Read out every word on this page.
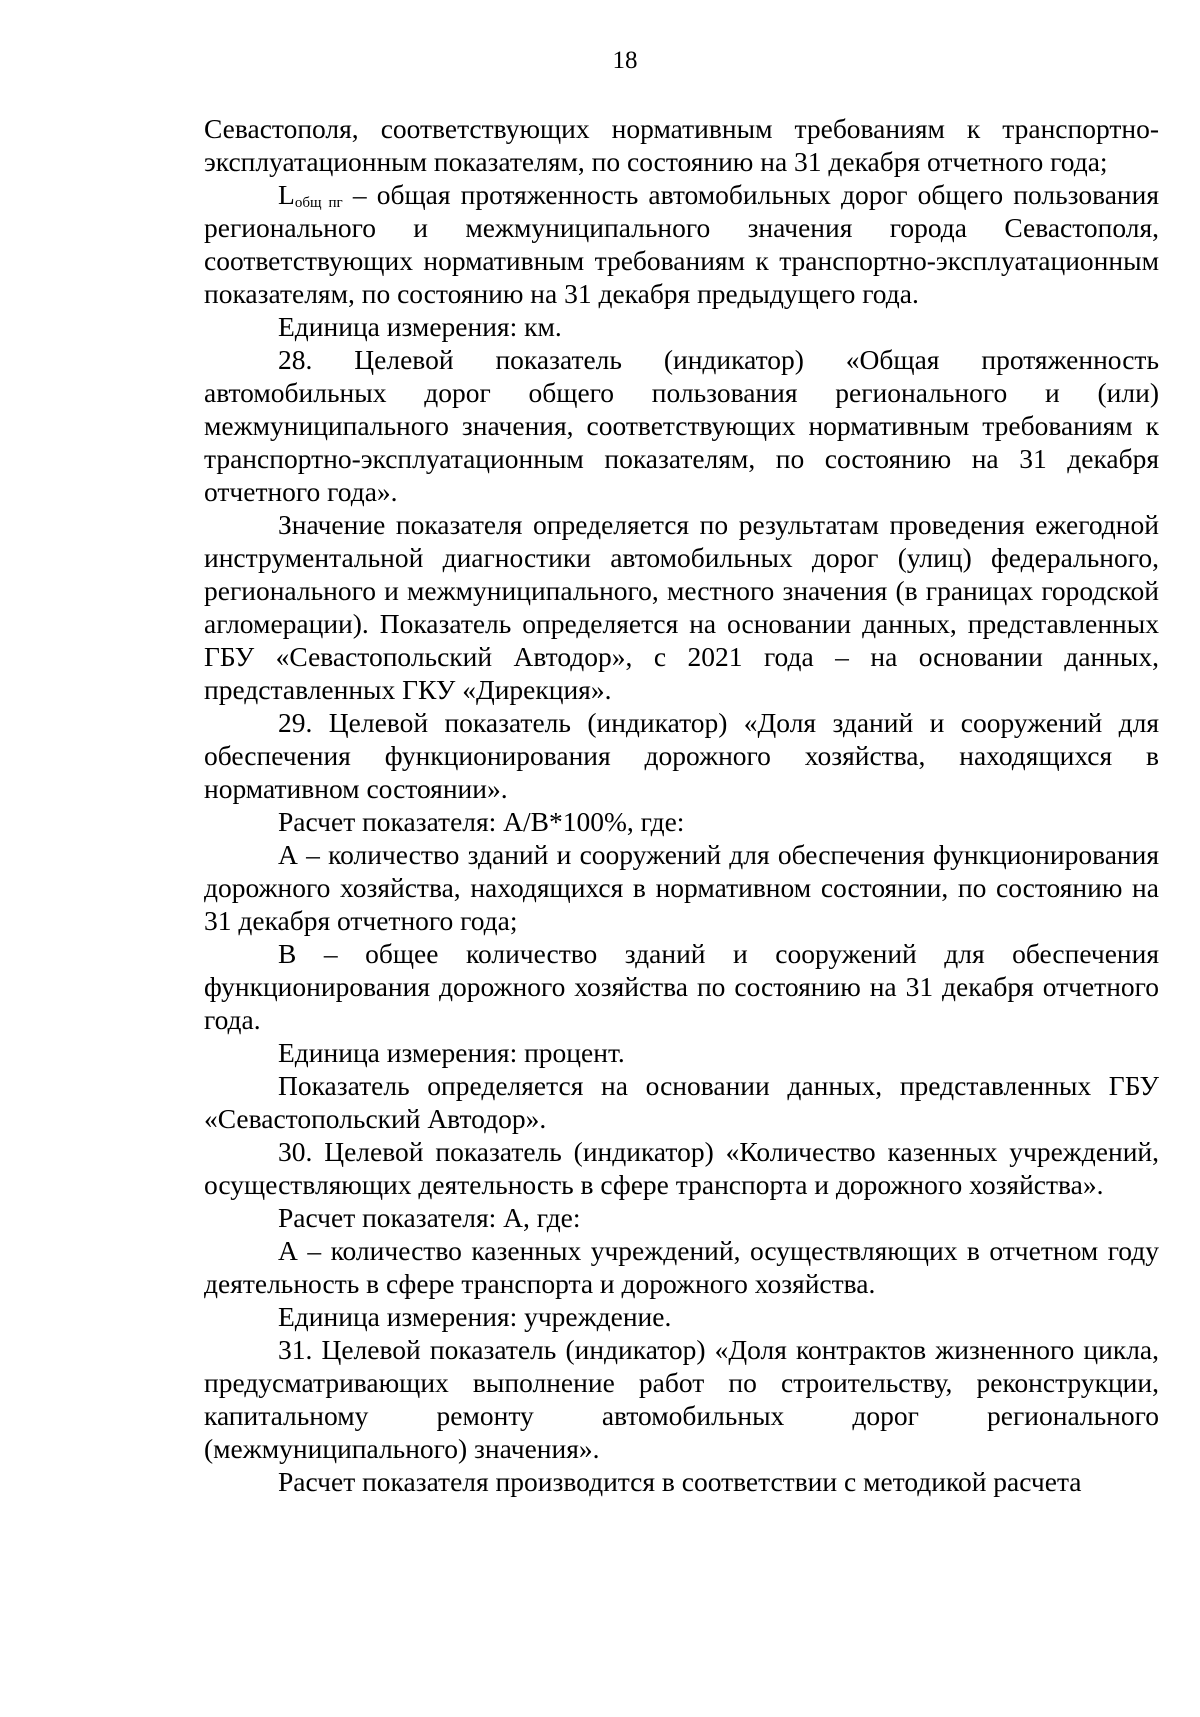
18

Севастополя, соответствующих нормативным требованиям к транспортно-эксплуатационным показателям, по состоянию на 31 декабря отчетного года;

$L_{общ пг}$ – общая протяженность автомобильных дорог общего пользования регионального и межмуниципального значения города Севастополя, соответствующих нормативным требованиям к транспортно-эксплуатационным показателям, по состоянию на 31 декабря предыдущего года.

Единица измерения: км.

28. Целевой показатель (индикатор) «Общая протяженность автомобильных дорог общего пользования регионального и (или) межмуниципального значения, соответствующих нормативным требованиям к транспортно-эксплуатационным показателям, по состоянию на 31 декабря отчетного года».

Значение показателя определяется по результатам проведения ежегодной инструментальной диагностики автомобильных дорог (улиц) федерального, регионального и межмуниципального, местного значения (в границах городской агломерации). Показатель определяется на основании данных, представленных ГБУ «Севастопольский Автодор», с 2021 года – на основании данных, представленных ГКУ «Дирекция».

29. Целевой показатель (индикатор) «Доля зданий и сооружений для обеспечения функционирования дорожного хозяйства, находящихся в нормативном состоянии».

Расчет показателя: А/В*100%, где:

А – количество зданий и сооружений для обеспечения функционирования дорожного хозяйства, находящихся в нормативном состоянии, по состоянию на 31 декабря отчетного года;

В – общее количество зданий и сооружений для обеспечения функционирования дорожного хозяйства по состоянию на 31 декабря отчетного года.

Единица измерения: процент.

Показатель определяется на основании данных, представленных ГБУ «Севастопольский Автодор».

30. Целевой показатель (индикатор) «Количество казенных учреждений, осуществляющих деятельность в сфере транспорта и дорожного хозяйства».

Расчет показателя: А, где:

А – количество казенных учреждений, осуществляющих в отчетном году деятельность в сфере транспорта и дорожного хозяйства.

Единица измерения: учреждение.

31. Целевой показатель (индикатор) «Доля контрактов жизненного цикла, предусматривающих выполнение работ по строительству, реконструкции, капитальному ремонту автомобильных дорог регионального (межмуниципального) значения».

Расчет показателя производится в соответствии с методикой расчета
